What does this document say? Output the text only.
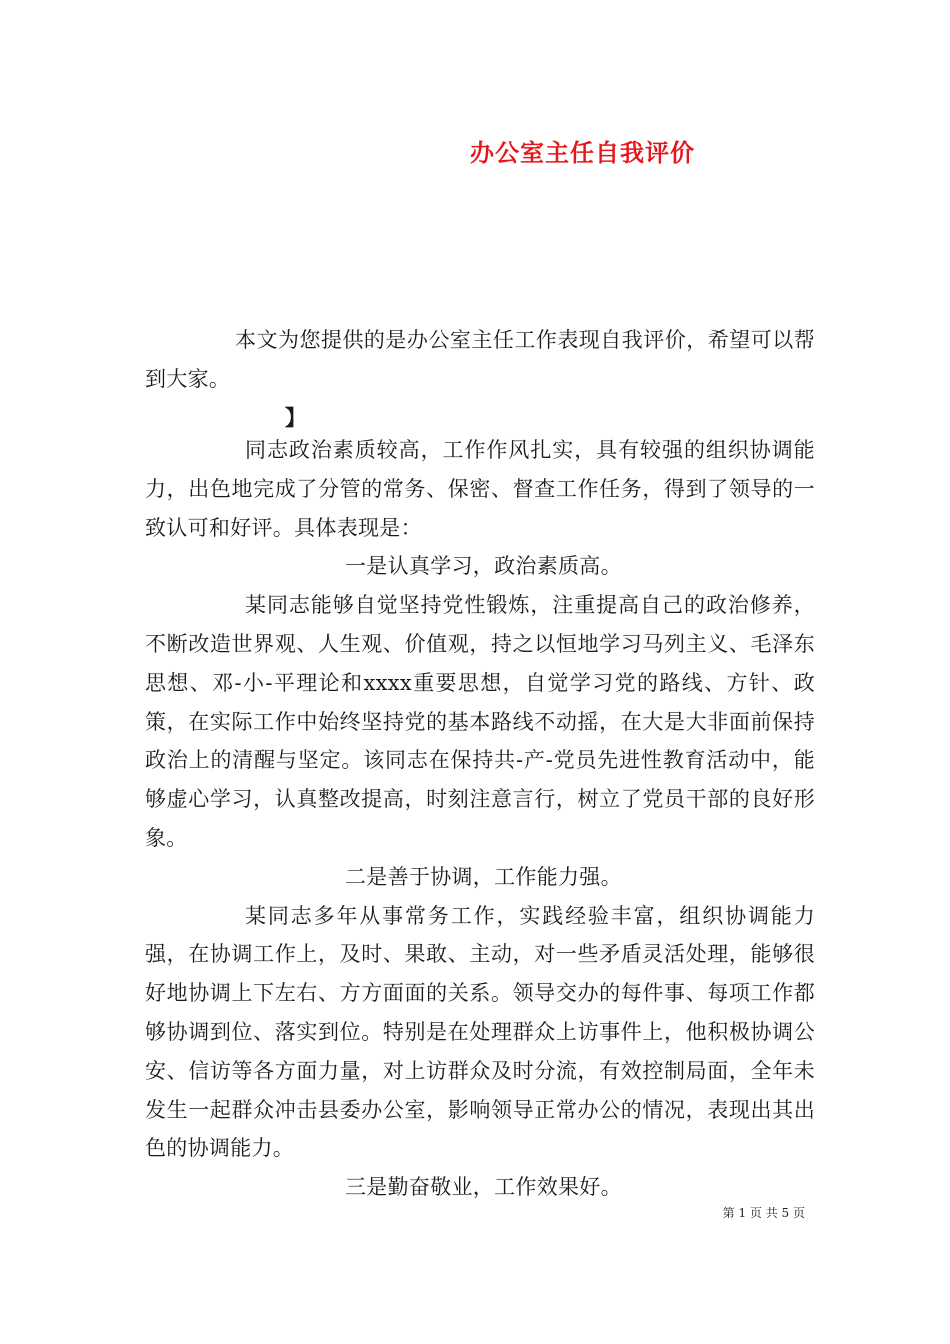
办公室主任自我评价

本文为您提供的是办公室主任工作表现自我评价，希望可以帮到大家。

】

同志政治素质较高，工作作风扎实，具有较强的组织协调能力，出色地完成了分管的常务、保密、督查工作任务，得到了领导的一致认可和好评。具体表现是：
一是认真学习，政治素质高。
某同志能够自觉坚持党性锻炼，注重提高自己的政治修养，不断改造世界观、人生观、价值观，持之以恒地学习马列主义、毛泽东思想、邓-小-平理论和xxxx重要思想，自觉学习党的路线、方针、政策，在实际工作中始终坚持党的基本路线不动摇，在大是大非面前保持政治上的清醒与坚定。该同志在保持共-产-党员先进性教育活动中，能够虚心学习，认真整改提高，时刻注意言行，树立了党员干部的良好形象。
二是善于协调，工作能力强。
某同志多年从事常务工作，实践经验丰富，组织协调能力强，在协调工作上，及时、果敢、主动，对一些矛盾灵活处理，能够很好地协调上下左右、方方面面的关系。领导交办的每件事、每项工作都够协调到位、落实到位。特别是在处理群众上访事件上，他积极协调公安、信访等各方面力量，对上访群众及时分流，有效控制局面，全年未发生一起群众冲击县委办公室，影响领导正常办公的情况，表现出其出色的协调能力。
三是勤奋敬业，工作效果好。
第 1 页 共 5 页
